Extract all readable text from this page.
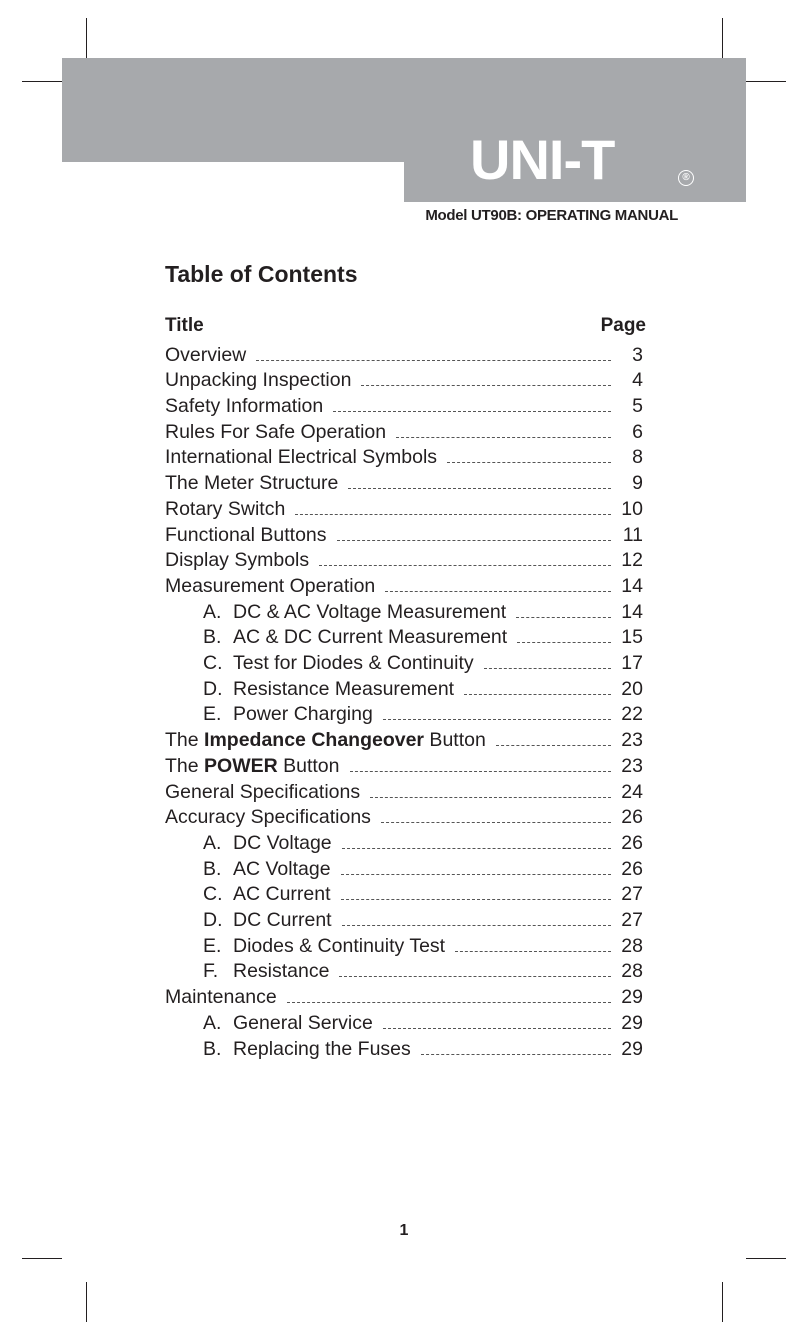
UNI-T	®
Model UT90B: OPERATING MANUAL
Table of Contents
Title	Page
Overview	3
Unpacking Inspection	4
Safety Information	5
Rules For Safe Operation	6
International Electrical Symbols	8
The Meter Structure	9
Rotary Switch	10
Functional Buttons	11
Display Symbols	12
Measurement Operation	14
A. DC & AC Voltage Measurement	14
B. AC & DC Current Measurement	15
C. Test for Diodes & Continuity	17
D. Resistance Measurement	20
E. Power Charging	22
The Impedance Changeover Button	23
The POWER Button	23
General Specifications	24
Accuracy Specifications	26
A. DC Voltage	26
B. AC Voltage	26
C. AC Current	27
D. DC Current	27
E. Diodes & Continuity Test	28
F. Resistance	28
Maintenance	29
A. General Service	29
B. Replacing the Fuses	29
1
